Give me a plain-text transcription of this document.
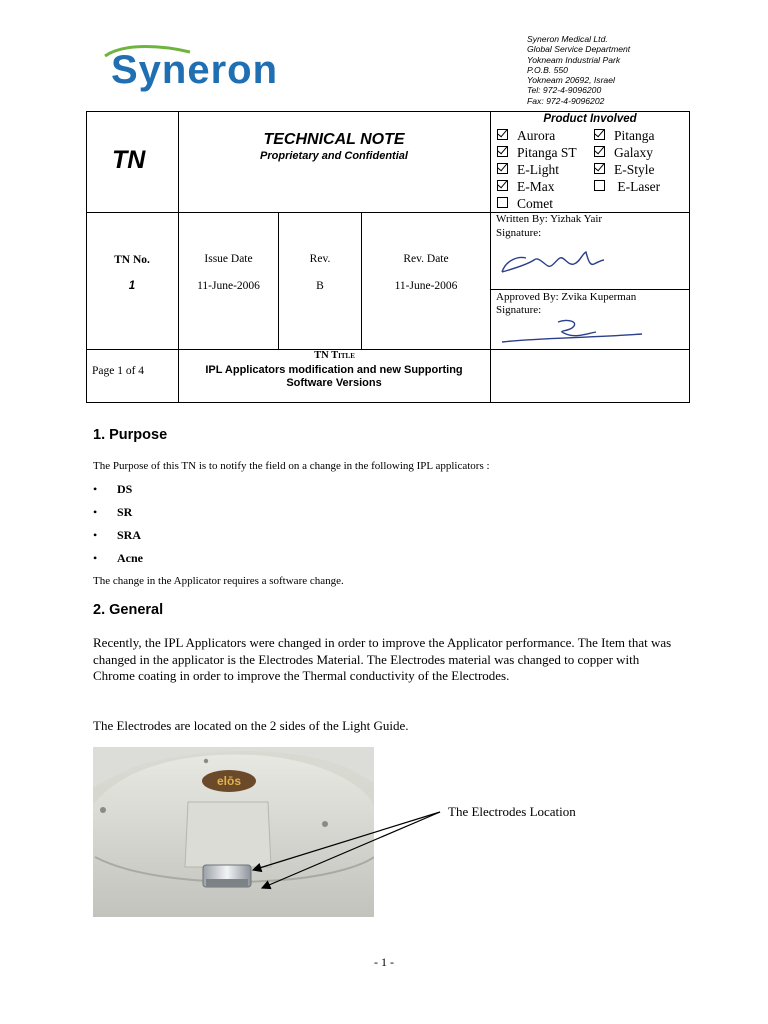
Syneron
Syneron Medical Ltd.
Global Service Department
Yokneam Industrial Park
P.O.B. 550
Yokneam 20692, Israel
Tel: 972-4-9096200
Fax: 972-4-9096202
TN
TECHNICAL NOTE
Proprietary and Confidential
Product Involved
Aurora	Pitanga
Pitanga ST	Galaxy
E-Light	E-Style
E-Max	E-Laser
Comet
TN No.
1
Issue Date
11-June-2006
Rev.
B
Rev. Date
11-June-2006
Written By: Yizhak Yair
Signature:
Approved By: Zvika Kuperman
Signature:
Page 1 of 4
TN Title
IPL Applicators modification and new Supporting Software Versions
1. Purpose
The Purpose of this TN is to notify the field on a change in the following IPL applicators :
• DS
• SR
• SRA
• Acne
The change in the Applicator requires a software change.
2. General
Recently, the IPL Applicators were changed in order to improve the Applicator performance. The Item that was changed in the applicator is the Electrodes Material. The Electrodes material was changed to copper with Chrome coating in order to improve the Thermal conductivity of the Electrodes.
The Electrodes are located on the 2 sides of the Light Guide.
elōs
The Electrodes Location
- 1 -
